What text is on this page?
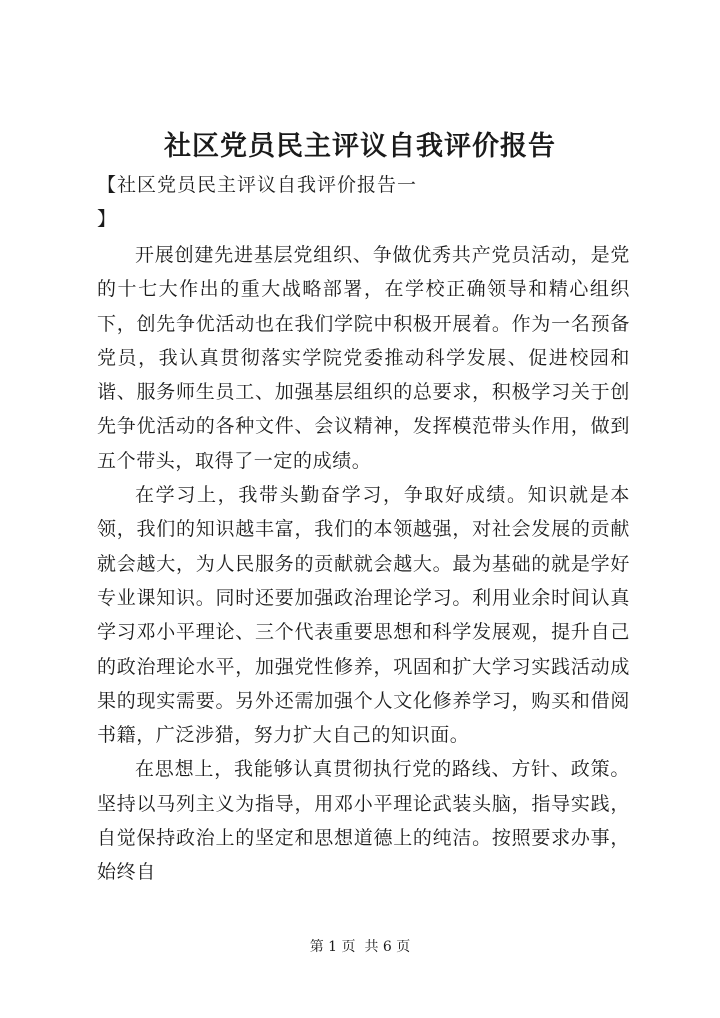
社区党员民主评议自我评价报告
【社区党员民主评议自我评价报告一
】

开展创建先进基层党组织、争做优秀共产党员活动，是党的十七大作出的重大战略部署，在学校正确领导和精心组织下，创先争优活动也在我们学院中积极开展着。作为一名预备党员，我认真贯彻落实学院党委推动科学发展、促进校园和谐、服务师生员工、加强基层组织的总要求，积极学习关于创先争优活动的各种文件、会议精神，发挥模范带头作用，做到五个带头，取得了一定的成绩。

在学习上，我带头勤奋学习，争取好成绩。知识就是本领，我们的知识越丰富，我们的本领越强，对社会发展的贡献就会越大，为人民服务的贡献就会越大。最为基础的就是学好专业课知识。同时还要加强政治理论学习。利用业余时间认真学习邓小平理论、三个代表重要思想和科学发展观，提升自己的政治理论水平，加强党性修养，巩固和扩大学习实践活动成果的现实需要。另外还需加强个人文化修养学习，购买和借阅书籍，广泛涉猎，努力扩大自己的知识面。

在思想上，我能够认真贯彻执行党的路线、方针、政策。坚持以马列主义为指导，用邓小平理论武装头脑，指导实践，自觉保持政治上的坚定和思想道德上的纯洁。按照要求办事，始终自

第 1 页  共 6 页
